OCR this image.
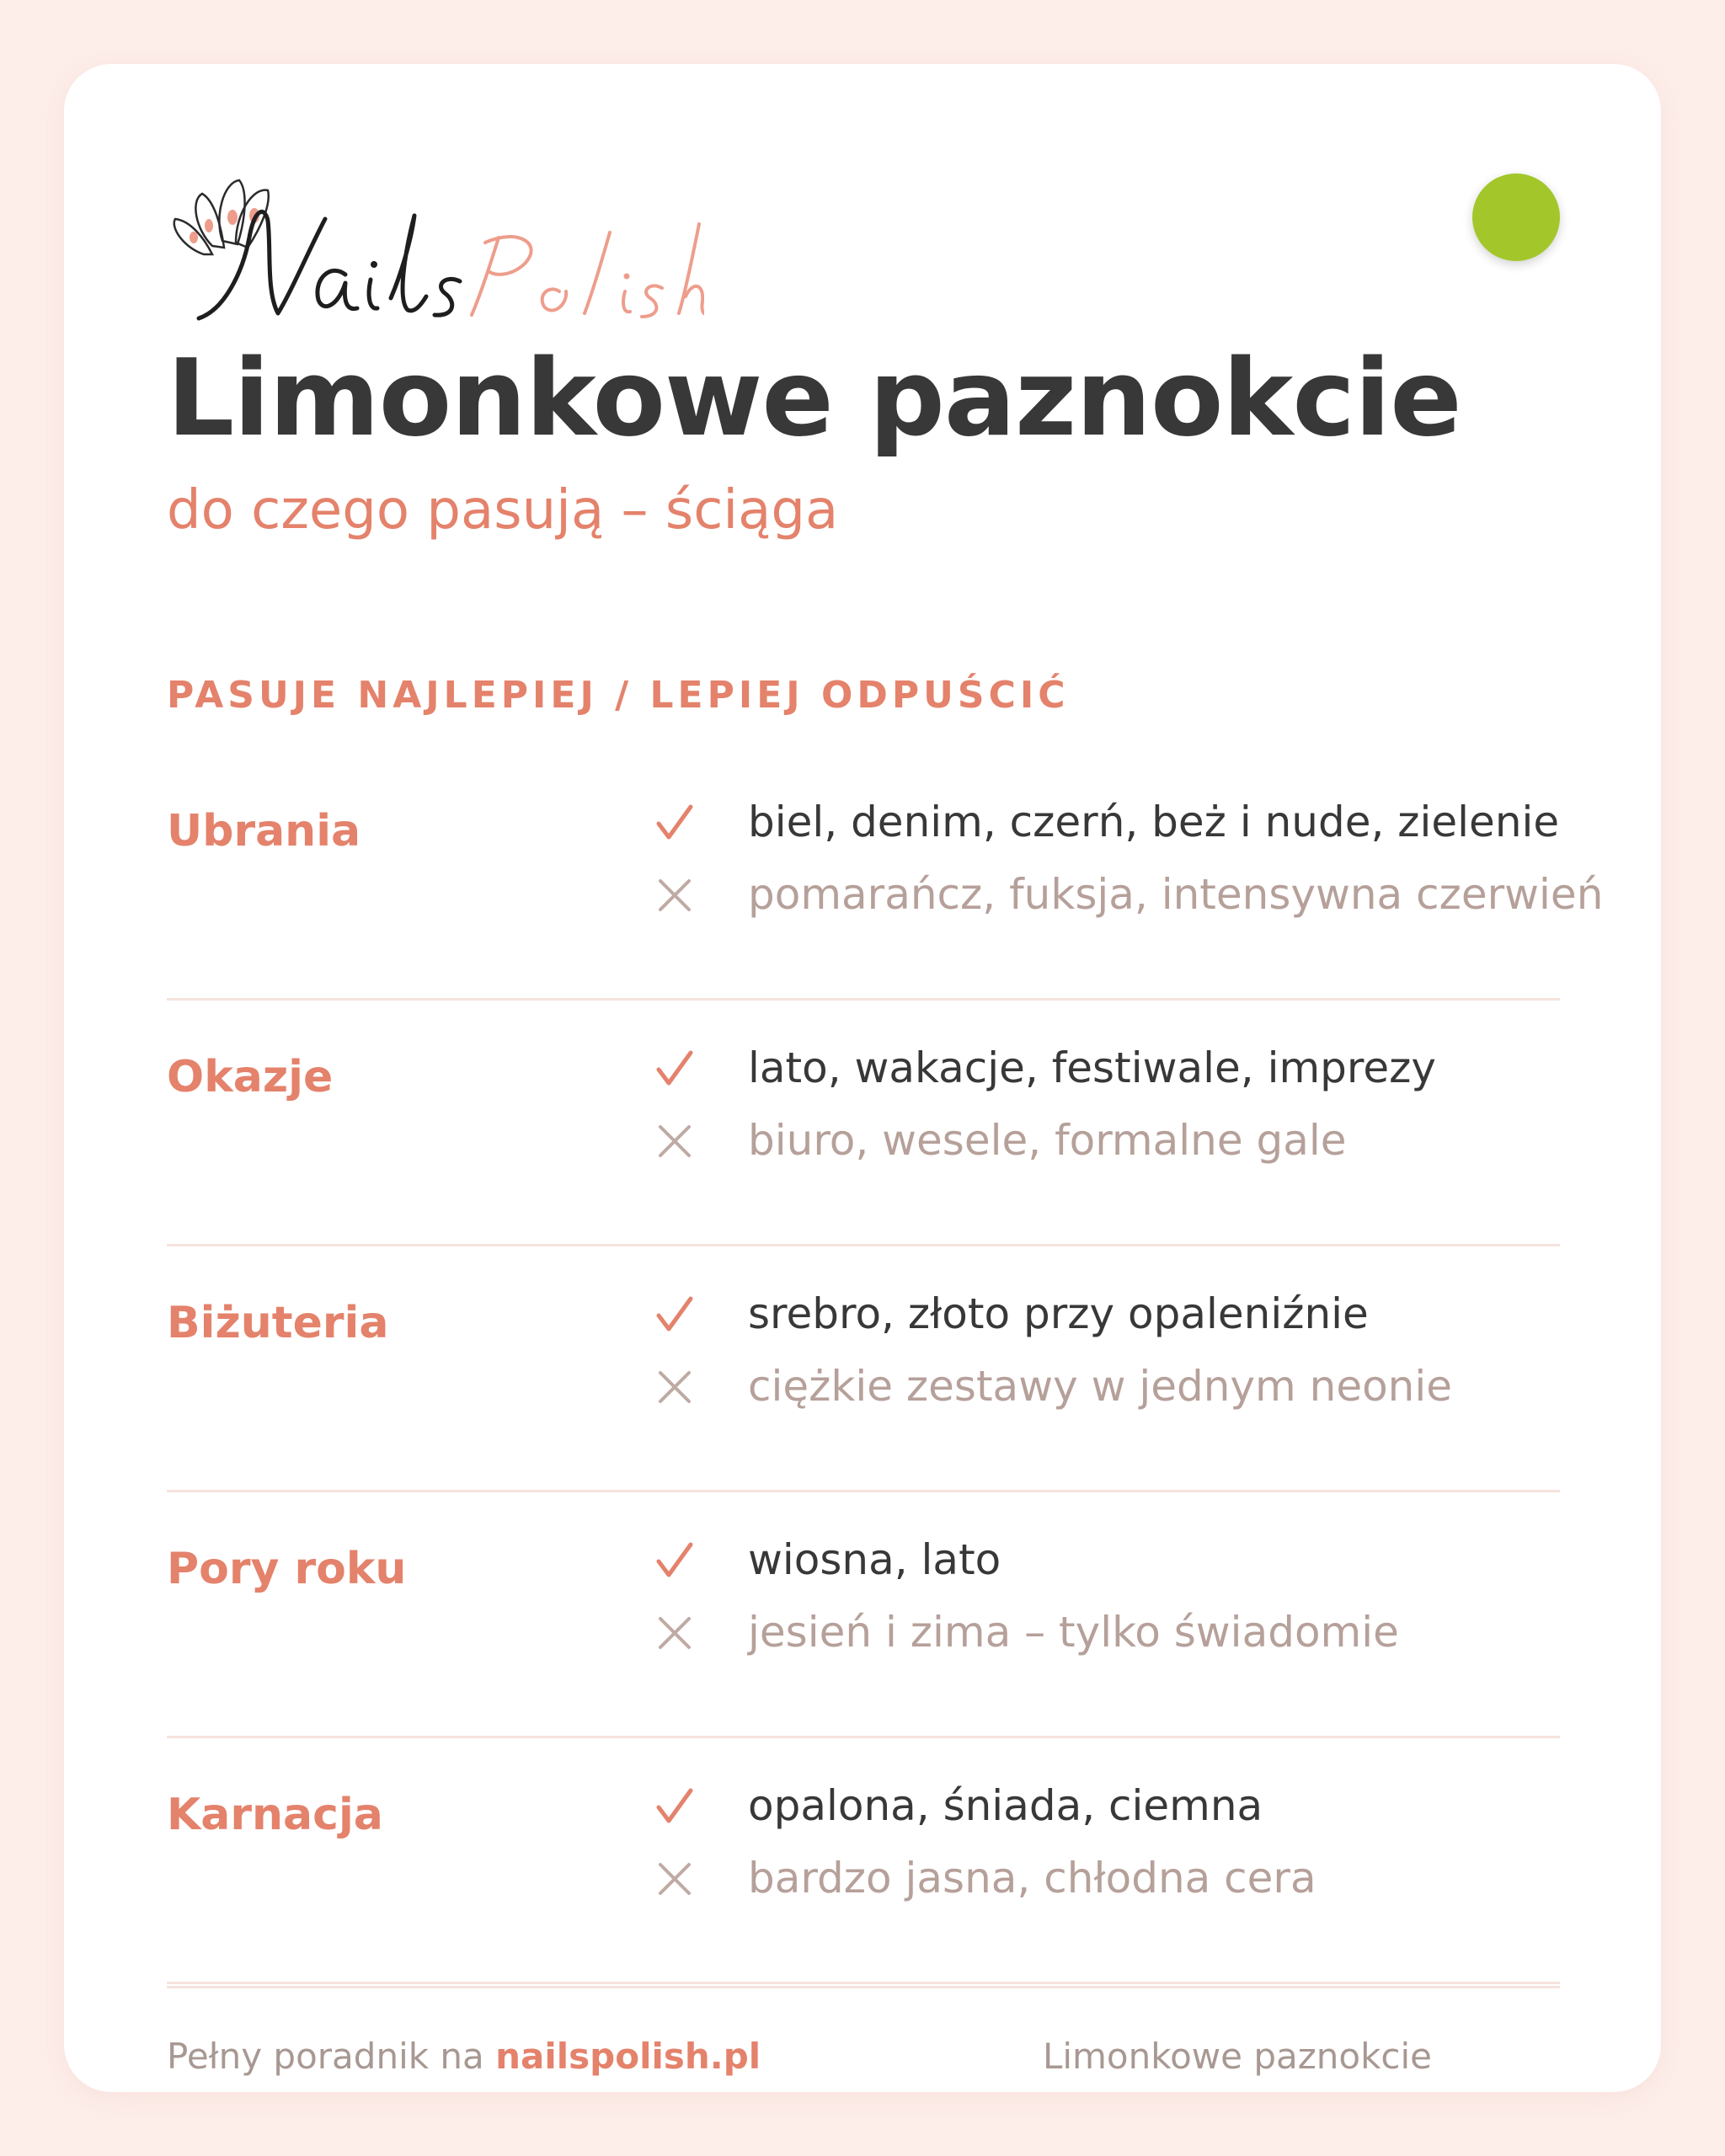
Limonkowe paznokcie
do czego pasują – ściąga
PASUJE NAJLEPIEJ / LEPIEJ ODPUŚCIĆ
Ubrania	biel, denim, czerń, beż i nude, zielenie
pomarańcz, fuksja, intensywna czerwień
Okazje	lato, wakacje, festiwale, imprezy
biuro, wesele, formalne gale
Biżuteria	srebro, złoto przy opaleniźnie
ciężkie zestawy w jednym neonie
Pory roku	wiosna, lato
jesień i zima – tylko świadomie
Karnacja	opalona, śniada, ciemna
bardzo jasna, chłodna cera
Pełny poradnik na nailspolish.pl	Limonkowe paznokcie
